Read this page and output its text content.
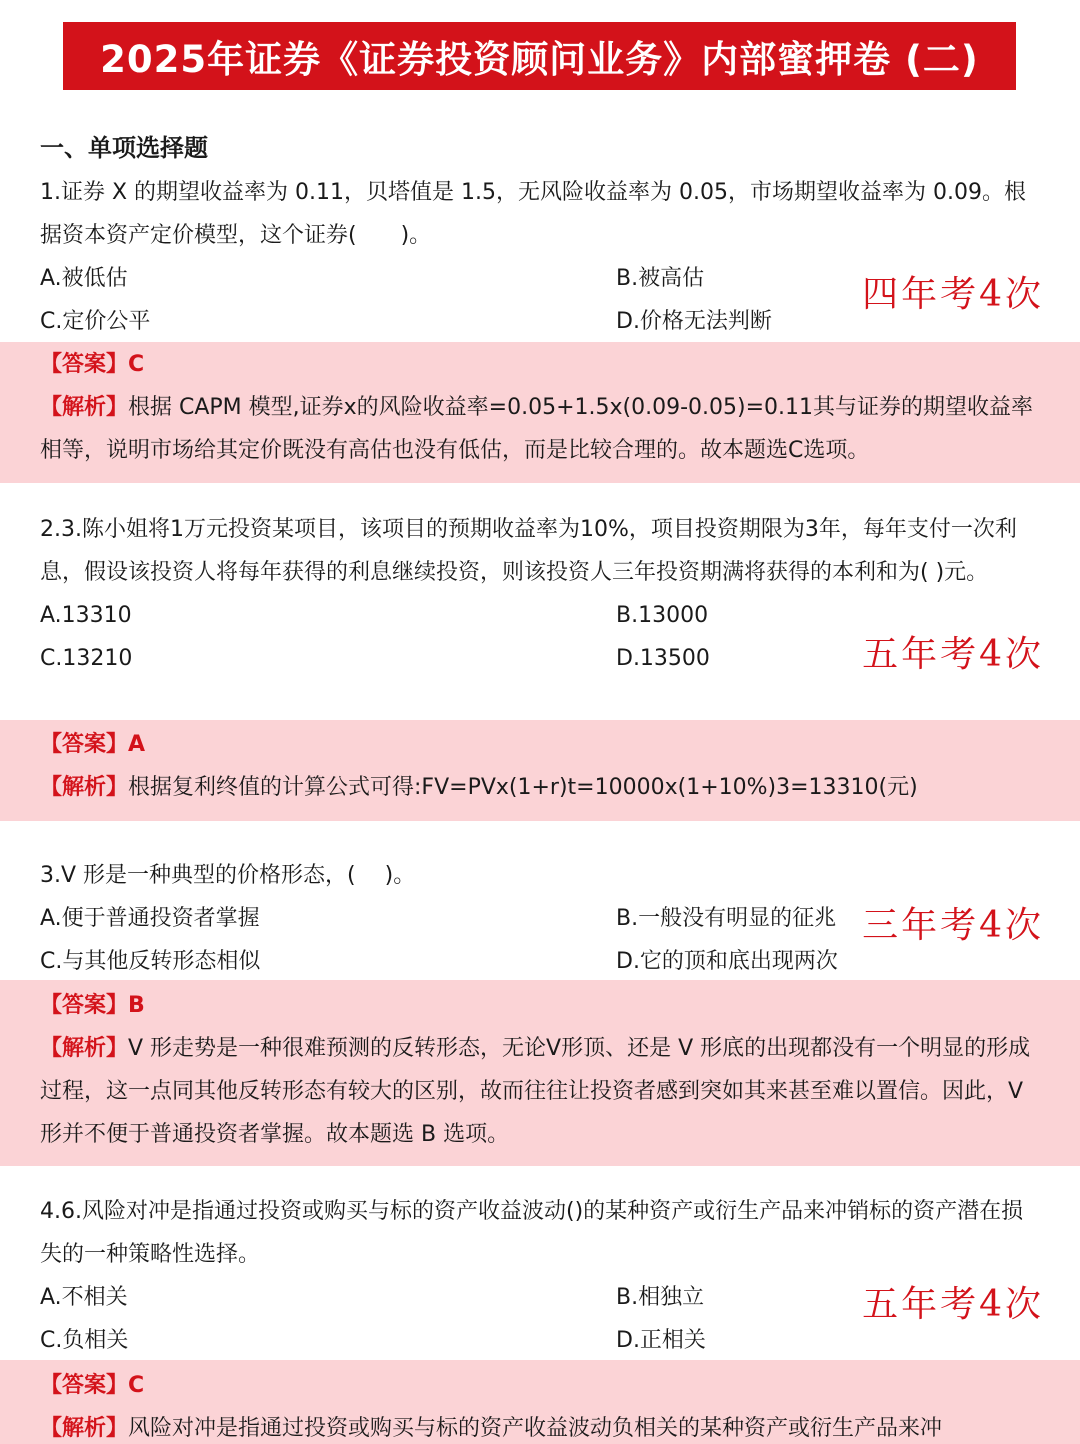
2025年证券《证券投资顾问业务》内部蜜押卷 (二)
一、单项选择题
1.证券 X 的期望收益率为 0.11，贝塔值是 1.5，无风险收益率为 0.05，市场期望收益率为 0.09。根据资本资产定价模型，这个证券(　　)。
A.被低估	B.被高估
C.定价公平	D.价格无法判断
四年考4次
【答案】C
【解析】根据 CAPM 模型,证券x的风险收益率=0.05+1.5x(0.09-0.05)=0.11其与证券的期望收益率相等，说明市场给其定价既没有高估也没有低估，而是比较合理的。故本题选C选项。
2.3.陈小姐将1万元投资某项目，该项目的预期收益率为10%，项目投资期限为3年，每年支付一次利息，假设该投资人将每年获得的利息继续投资，则该投资人三年投资期满将获得的本利和为( )元。
A.13310	B.13000
C.13210	D.13500	五年考4次
【答案】A
【解析】根据复利终值的计算公式可得:FV=PVx(1+r)t=10000x(1+10%)3=13310(元)
3.V 形是一种典型的价格形态，(　 )。
A.便于普通投资者掌握	B.一般没有明显的征兆
C.与其他反转形态相似	D.它的顶和底出现两次
三年考4次
【答案】B
【解析】V 形走势是一种很难预测的反转形态，无论V形顶、还是 V 形底的出现都没有一个明显的形成过程，这一点同其他反转形态有较大的区别，故而往往让投资者感到突如其来甚至难以置信。因此，V形并不便于普通投资者掌握。故本题选 B 选项。
4.6.风险对冲是指通过投资或购买与标的资产收益波动()的某种资产或衍生产品来冲销标的资产潜在损失的一种策略性选择。
A.不相关	B.相独立
C.负相关	D.正相关
五年考4次
【答案】C
【解析】风险对冲是指通过投资或购买与标的资产收益波动负相关的某种资产或衍生产品来冲
